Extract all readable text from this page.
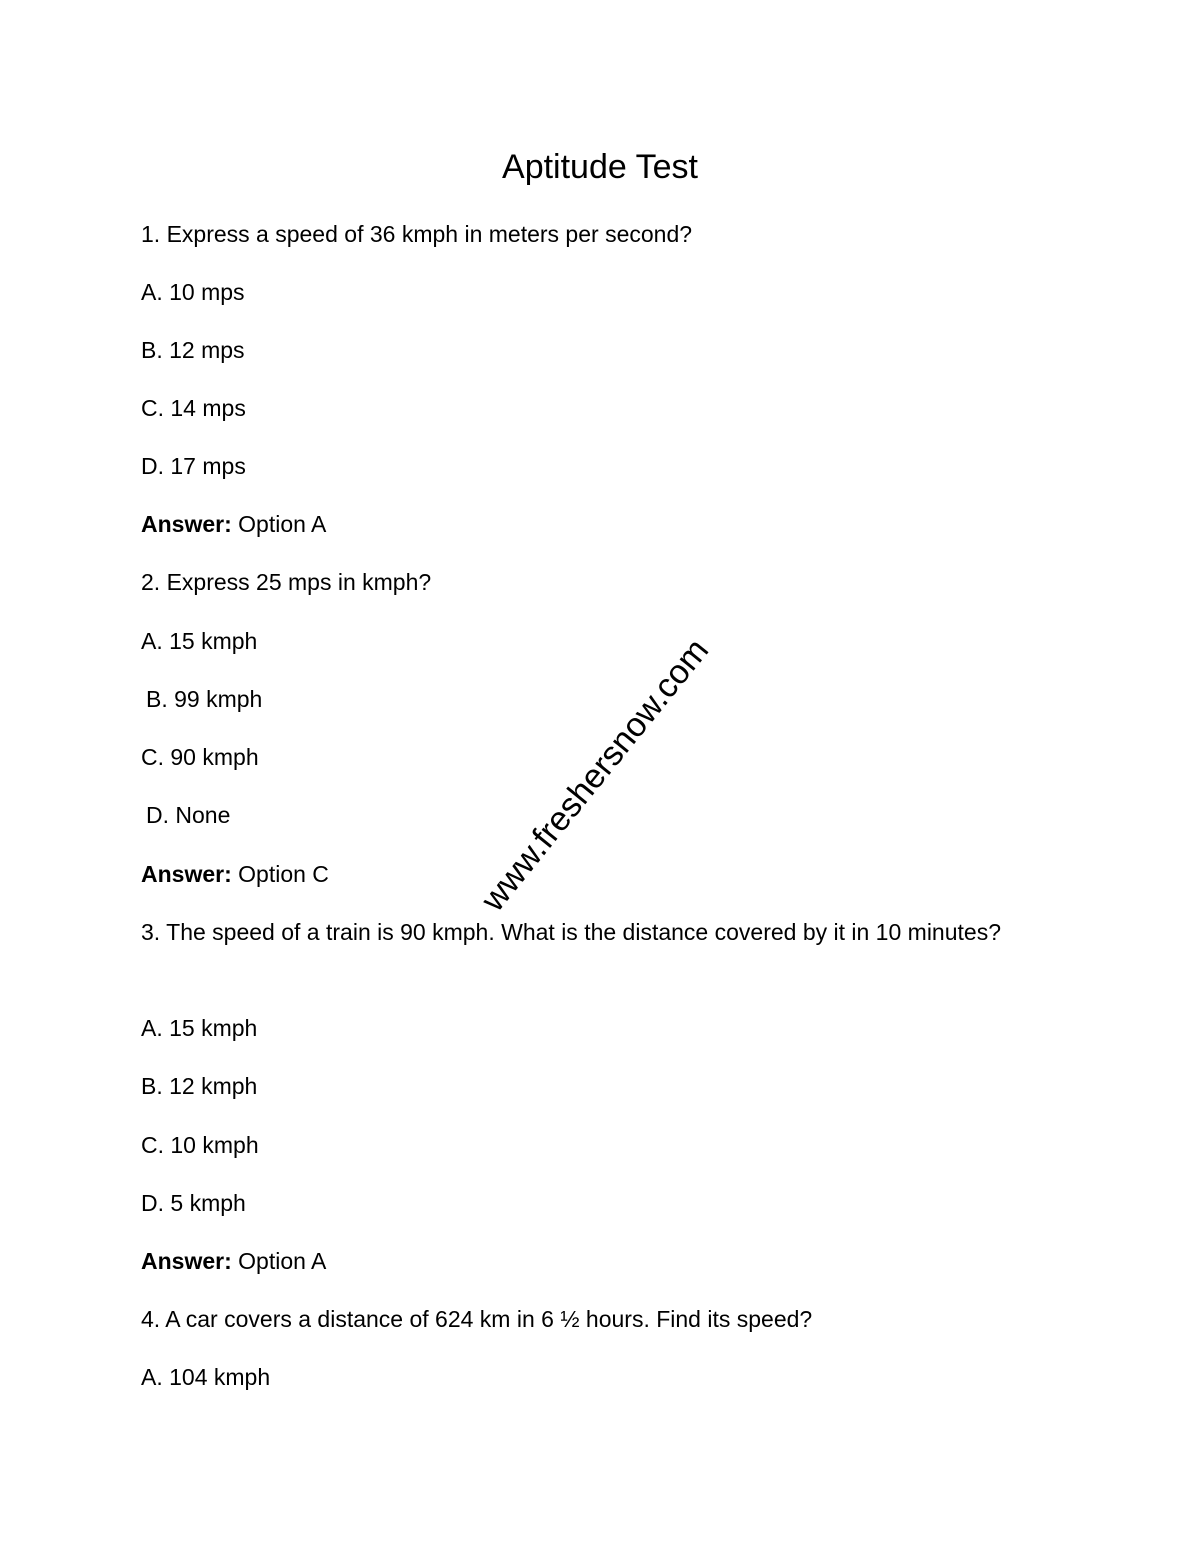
Aptitude Test

1. Express a speed of 36 kmph in meters per second?

A. 10 mps

B. 12 mps

C. 14 mps

D. 17 mps

Answer: Option A

2. Express 25 mps in kmph?

A. 15 kmph

B. 99 kmph

C. 90 kmph

D. None

Answer: Option C

3. The speed of a train is 90 kmph. What is the distance covered by it in 10 minutes?

A. 15 kmph

B. 12 kmph

C. 10 kmph

D. 5 kmph

Answer: Option A

4. A car covers a distance of 624 km in 6 ½ hours. Find its speed?

A. 104 kmph

www.freshersnow.com
